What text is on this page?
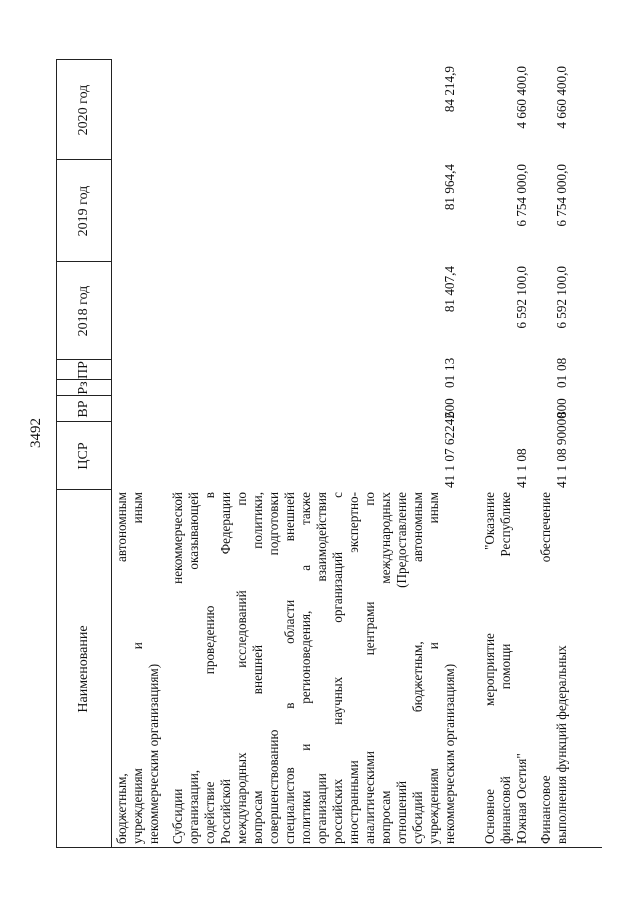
3492
Наименование
ЦСР
ВР
Рз
ПР
2018 год
2019 год
2020 год
бюджетным,
автономным
учреждениям
и
иным
некоммерческим организациям) Субсидии
некоммерческой
организации,
оказывающей
содействие
проведению
в
Российской
Федерации
международных
исследований
по
вопросам
внешней
политики,
совершенствованию
подготовки
специалистов
в
области
внешней
политики
и
регионоведения,
а
также
организации
взаимодействия
российских
научных
организаций
с
иностранными
экспертно-
аналитическими
центрами
по
вопросам
международных
отношений
(Предоставление
субсидий
бюджетным,
автономным
учреждениям
и
иным
некоммерческим организациям)
41 1 07 62242
600
01
13
81 407,4
81 964,4
84 214,9
Основное
мероприятие
"Оказание
финансовой
помощи
Республике
Южная Осетия"
41 1 08
6 592 100,0
6 754 000,0
4 660 400,0
Финансовое
обеспечение
выполнения функций федеральных
41 1 08 90000
800
01
08
6 592 100,0
6 754 000,0
4 660 400,0
